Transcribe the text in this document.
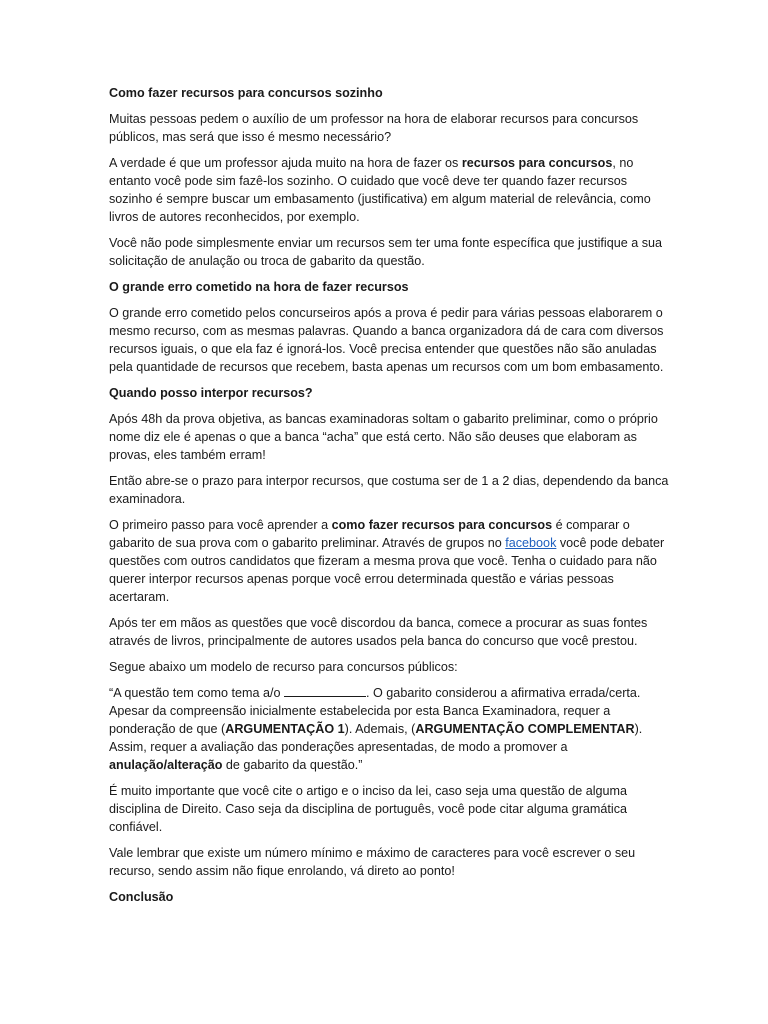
Como fazer recursos para concursos sozinho

Muitas pessoas pedem o auxílio de um professor na hora de elaborar recursos para concursos públicos, mas será que isso é mesmo necessário?

A verdade é que um professor ajuda muito na hora de fazer os recursos para concursos, no entanto você pode sim fazê-los sozinho. O cuidado que você deve ter quando fazer recursos sozinho é sempre buscar um embasamento (justificativa) em algum material de relevância, como livros de autores reconhecidos, por exemplo.

Você não pode simplesmente enviar um recursos sem ter uma fonte específica que justifique a sua solicitação de anulação ou troca de gabarito da questão.

O grande erro cometido na hora de fazer recursos

O grande erro cometido pelos concurseiros após a prova é pedir para várias pessoas elaborarem o mesmo recurso, com as mesmas palavras. Quando a banca organizadora dá de cara com diversos recursos iguais, o que ela faz é ignorá-los. Você precisa entender que questões não são anuladas pela quantidade de recursos que recebem, basta apenas um recursos com um bom embasamento.

Quando posso interpor recursos?

Após 48h da prova objetiva, as bancas examinadoras soltam o gabarito preliminar, como o próprio nome diz ele é apenas o que a banca “acha” que está certo. Não são deuses que elaboram as provas, eles também erram!

Então abre-se o prazo para interpor recursos, que costuma ser de 1 a 2 dias, dependendo da banca examinadora.

O primeiro passo para você aprender a como fazer recursos para concursos é comparar o gabarito de sua prova com o gabarito preliminar. Através de grupos no facebook você pode debater questões com outros candidatos que fizeram a mesma prova que você. Tenha o cuidado para não querer interpor recursos apenas porque você errou determinada questão e várias pessoas acertaram.

Após ter em mãos as questões que você discordou da banca, comece a procurar as suas fontes através de livros, principalmente de autores usados pela banca do concurso que você prestou.

Segue abaixo um modelo de recurso para concursos públicos:

“A questão tem como tema a/o	. O gabarito considerou a afirmativa errada/certa. Apesar da compreensão inicialmente estabelecida por esta Banca Examinadora, requer a ponderação de que (ARGUMENTAÇÃO 1). Ademais, (ARGUMENTAÇÃO COMPLEMENTAR). Assim, requer a avaliação das ponderações apresentadas, de modo a promover a anulação/alteração de gabarito da questão.”

É muito importante que você cite o artigo e o inciso da lei, caso seja uma questão de alguma disciplina de Direito. Caso seja da disciplina de português, você pode citar alguma gramática confiável.

Vale lembrar que existe um número mínimo e máximo de caracteres para você escrever o seu recurso, sendo assim não fique enrolando, vá direto ao ponto!

Conclusão
